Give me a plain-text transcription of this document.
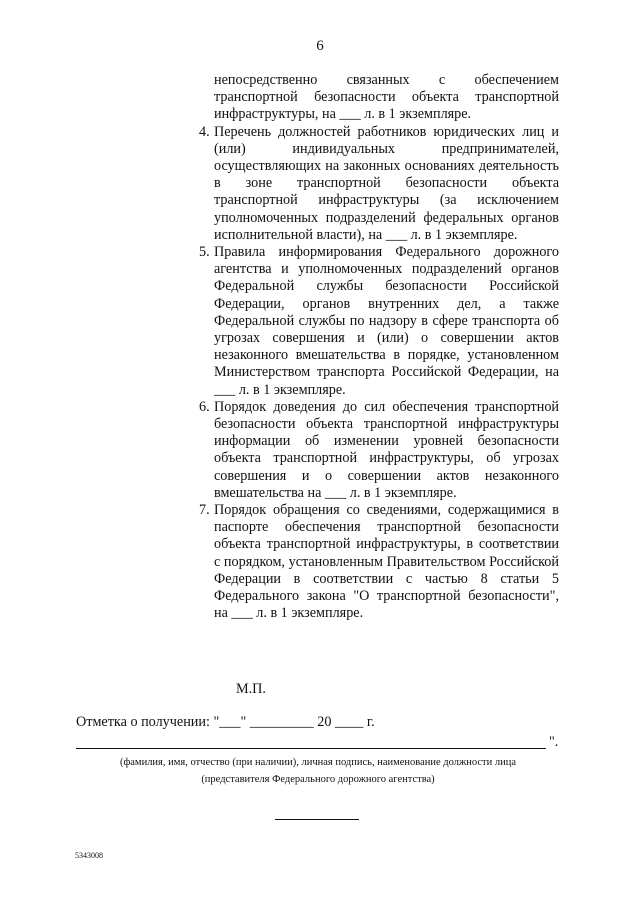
6

непосредственно связанных с обеспечением транспортной безопасности объекта транспортной инфраструктуры, на ___ л. в 1 экземпляре.

4. Перечень должностей работников юридических лиц и (или) индивидуальных предпринимателей, осуществляющих на законных основаниях деятельность в зоне транспортной безопасности объекта транспортной инфраструктуры (за исключением уполномоченных подразделений федеральных органов исполнительной власти), на ___ л. в 1 экземпляре.

5. Правила информирования Федерального дорожного агентства и уполномоченных подразделений органов Федеральной службы безопасности Российской Федерации, органов внутренних дел, а также Федеральной службы по надзору в сфере транспорта об угрозах совершения и (или) о совершении актов незаконного вмешательства в порядке, установленном Министерством транспорта Российской Федерации, на ___ л. в 1 экземпляре.

6. Порядок доведения до сил обеспечения транспортной безопасности объекта транспортной инфраструктуры информации об изменении уровней безопасности объекта транспортной инфраструктуры, об угрозах совершения и о совершении актов незаконного вмешательства на ___ л. в 1 экземпляре.

7. Порядок обращения со сведениями, содержащимися в паспорте обеспечения транспортной безопасности объекта транспортной инфраструктуры, в соответствии с порядком, установленным Правительством Российской Федерации в соответствии с частью 8 статьи 5 Федерального закона "О транспортной безопасности", на ___ л. в 1 экземпляре.

М.П.
Отметка о получении: "___" _________ 20 ____ г.
".
(фамилия, имя, отчество (при наличии), личная подпись, наименование должности лица
(представителя Федерального дорожного агентства)
5343008
